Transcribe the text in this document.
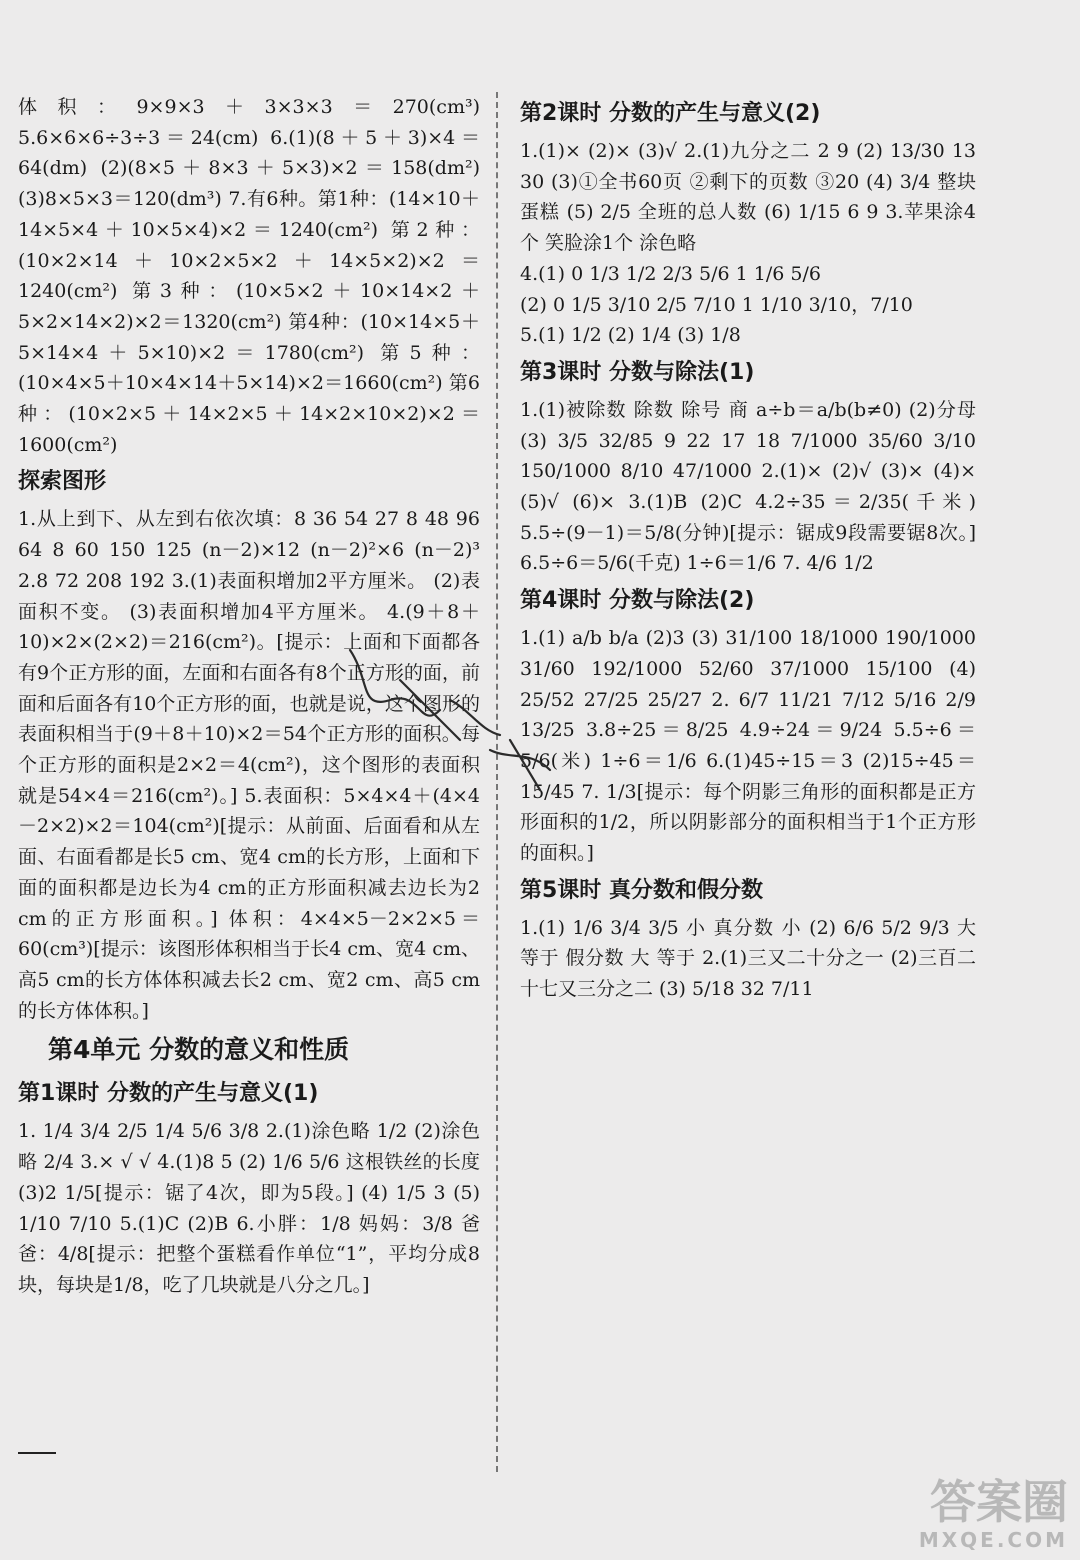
体积：9×9×3＋3×3×3＝270(cm³) 5.6×6×6÷3÷3＝24(cm) 6.(1)(8＋5＋3)×4＝64(dm) (2)(8×5＋8×3＋5×3)×2＝158(dm²) (3)8×5×3＝120(dm³) 7.有6种。第1种：(14×10＋14×5×4＋10×5×4)×2＝1240(cm²) 第2种：(10×2×14＋10×2×5×2＋14×5×2)×2＝1240(cm²) 第3种：(10×5×2＋10×14×2＋5×2×14×2)×2＝1320(cm²) 第4种：(10×14×5＋5×14×4＋5×10)×2＝1780(cm²) 第5种：(10×4×5＋10×4×14＋5×14)×2＝1660(cm²) 第6种：(10×2×5＋14×2×5＋14×2×10×2)×2＝1600(cm²)
探索图形
1.从上到下、从左到右依次填：8 36 54 27 8 48 96 64 8 60 150 125 (n－2)×12 (n－2)²×6 (n－2)³ 2.8 72 208 192 3.(1)表面积增加2平方厘米。 (2)表面积不变。 (3)表面积增加4平方厘米。 4.(9＋8＋10)×2×(2×2)＝216(cm²)。[提示：上面和下面都各有9个正方形的面，左面和右面各有8个正方形的面，前面和后面各有10个正方形的面，也就是说，这个图形的表面积相当于(9＋8＋10)×2＝54个正方形的面积。每个正方形的面积是2×2＝4(cm²)，这个图形的表面积就是54×4＝216(cm²)。] 5.表面积：5×4×4＋(4×4－2×2)×2＝104(cm²)[提示：从前面、后面看和从左面、右面看都是长5 cm、宽4 cm的长方形，上面和下面的面积都是边长为4 cm的正方形面积减去边长为2 cm的正方形面积。] 体积：4×4×5－2×2×5＝60(cm³)[提示：该图形体积相当于长4 cm、宽4 cm、高5 cm的长方体体积减去长2 cm、宽2 cm、高5 cm的长方体体积。]
第4单元 分数的意义和性质
第1课时 分数的产生与意义(1)
1. 1/4 3/4 2/5 1/4 5/6 3/8 2.(1)涂色略 1/2 (2)涂色略 2/4 3.× √ √ 4.(1)8 5 (2) 1/6 5/6 这根铁丝的长度 (3)2 1/5[提示：锯了4次，即为5段。] (4) 1/5 3 (5) 1/10 7/10 5.(1)C (2)B 6.小胖：1/8 妈妈：3/8 爸爸：4/8[提示：把整个蛋糕看作单位“1”，平均分成8块，每块是1/8，吃了几块就是八分之几。]
第2课时 分数的产生与意义(2)
1.(1)× (2)× (3)√ 2.(1)九分之二 2 9 (2) 13/30 13 30 (3)①全书60页 ②剩下的页数 ③20 (4) 3/4 整块蛋糕 (5) 2/5 全班的总人数 (6) 1/15 6 9 3.苹果涂4个 笑脸涂1个 涂色略
4.(1) 0 1/3 1/2 2/3 5/6 1 1/6 5/6
(2) 0 1/5 3/10 2/5 7/10 1 1/10 3/10，7/10
5.(1) 1/2 (2) 1/4 (3) 1/8
第3课时 分数与除法(1)
1.(1)被除数 除数 除号 商 a÷b＝a/b(b≠0) (2)分母 (3) 3/5 32/85 9 22 17 18 7/1000 35/60 3/10 150/1000 8/10 47/1000 2.(1)× (2)√ (3)× (4)× (5)√ (6)× 3.(1)B (2)C 4.2÷35＝2/35(千米) 5.5÷(9－1)＝5/8(分钟)[提示：锯成9段需要锯8次。] 6.5÷6＝5/6(千克) 1÷6＝1/6 7. 4/6 1/2
第4课时 分数与除法(2)
1.(1) a/b b/a (2)3 (3) 31/100 18/1000 190/1000 31/60 192/1000 52/60 37/1000 15/100 (4) 25/52 27/25 25/27 2. 6/7 11/21 7/12 5/16 2/9 13/25 3.8÷25＝8/25 4.9÷24＝9/24 5.5÷6＝5/6(米) 1÷6＝1/6 6.(1)45÷15＝3 (2)15÷45＝15/45 7. 1/3[提示：每个阴影三角形的面积都是正方形面积的1/2，所以阴影部分的面积相当于1个正方形的面积。]
第5课时 真分数和假分数
1.(1) 1/6 3/4 3/5 小 真分数 小 (2) 6/6 5/2 9/3 大 等于 假分数 大 等于 2.(1)三又二十分之一 (2)三百二十七又三分之二 (3) 5/18 32 7/11
答案圈
MXQE.COM
